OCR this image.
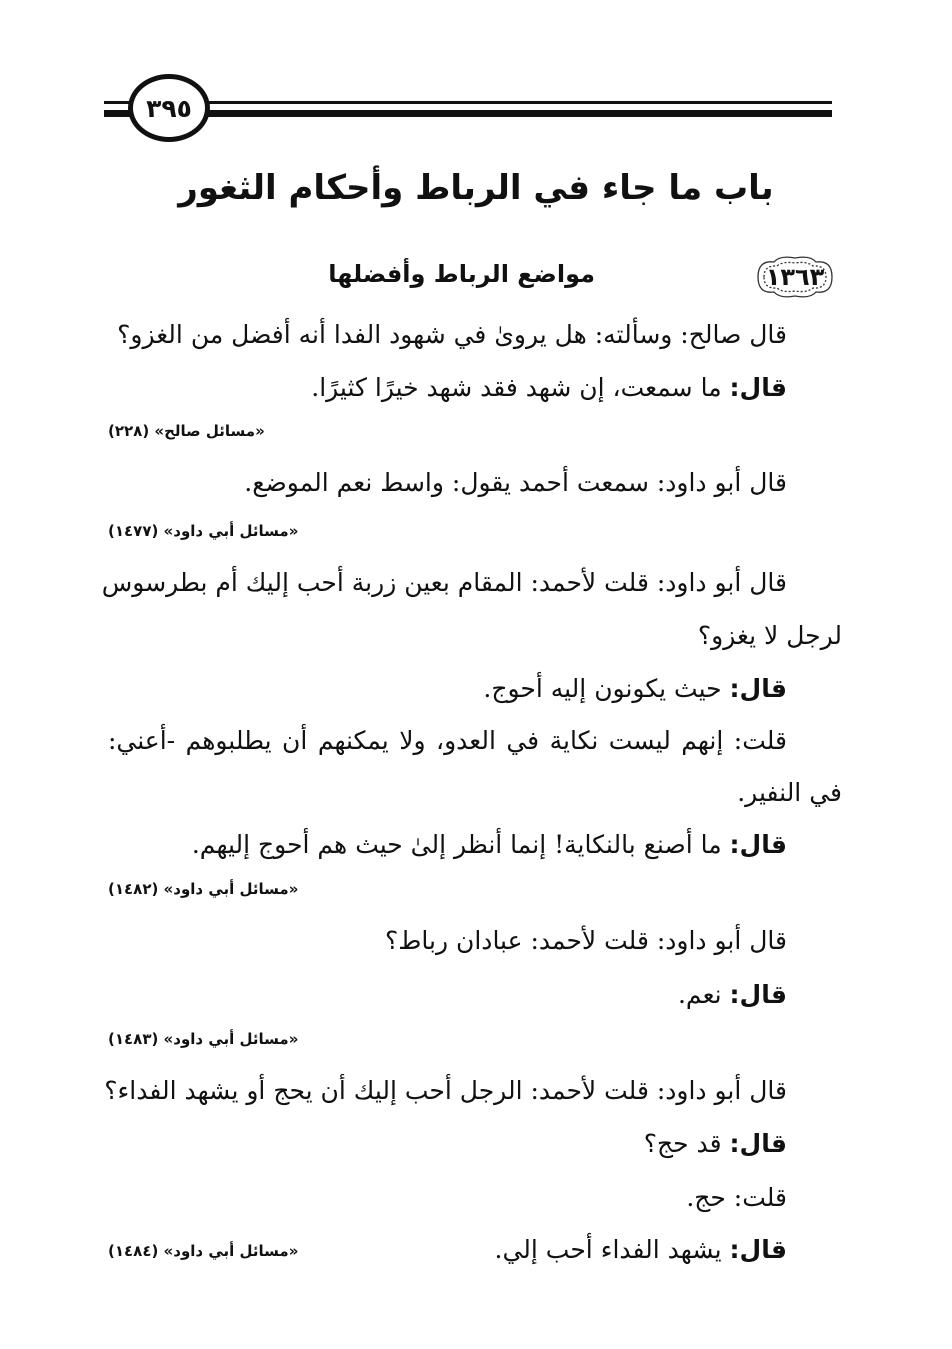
٣٩٥
باب ما جاء في الرباط وأحكام الثغور
١٣٦٣
مواضع الرباط وأفضلها
قال صالح: وسألته: هل يروىٰ في شهود الفدا أنه أفضل من الغزو؟
قال: ما سمعت، إن شهد فقد شهد خيرًا كثيرًا.
«مسائل صالح» (٢٢٨)
قال أبو داود: سمعت أحمد يقول: واسط نعم الموضع.
«مسائل أبي داود» (١٤٧٧)
قال أبو داود: قلت لأحمد: المقام بعين زربة أحب إليك أم بطرسوس
لرجل لا يغزو؟
قال: حيث يكونون إليه أحوج.
قلت: إنهم ليست نكاية في العدو، ولا يمكنهم أن يطلبوهم -أعني:
في النفير.
قال: ما أصنع بالنكاية! إنما أنظر إلىٰ حيث هم أحوج إليهم.
«مسائل أبي داود» (١٤٨٢)
قال أبو داود: قلت لأحمد: عبادان رباط؟
قال: نعم.
«مسائل أبي داود» (١٤٨٣)
قال أبو داود: قلت لأحمد: الرجل أحب إليك أن يحج أو يشهد الفداء؟
قال: قد حج؟
قلت: حج.
قال: يشهد الفداء أحب إلي.
«مسائل أبي داود» (١٤٨٤)
